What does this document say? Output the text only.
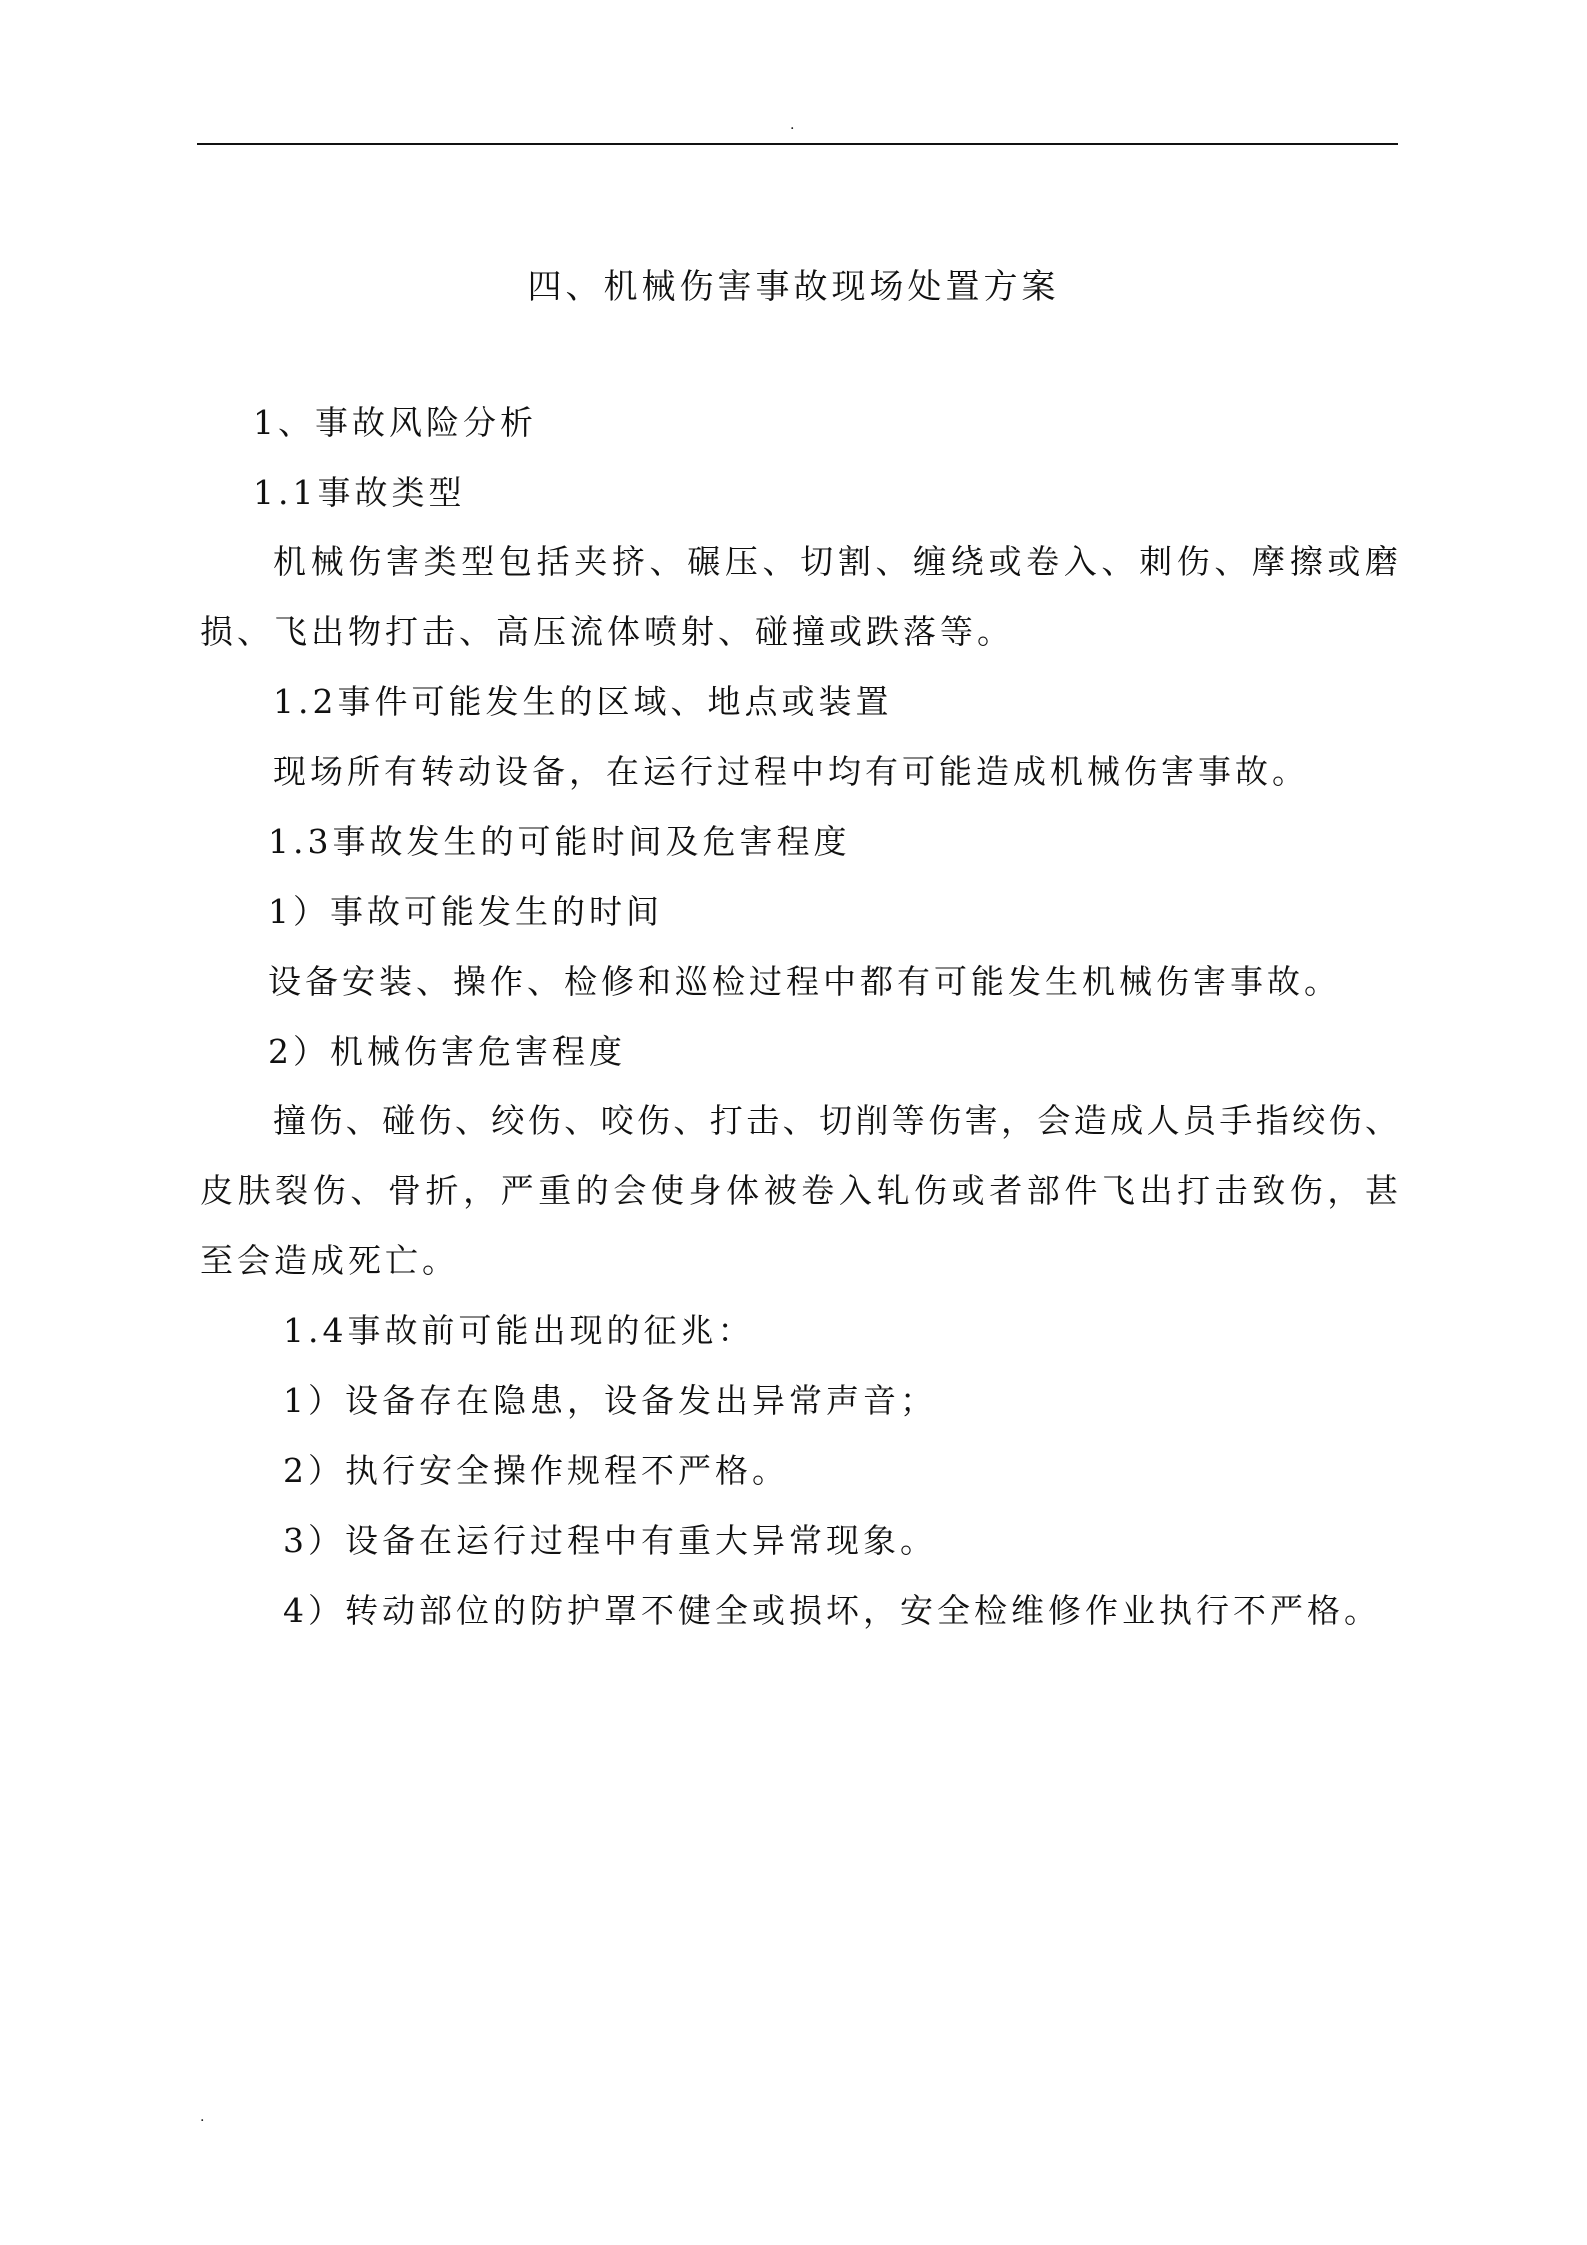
.
四、机械伤害事故现场处置方案
1、事故风险分析
1.1事故类型
机械伤害类型包括夹挤、碾压、切割、缠绕或卷入、刺伤、摩擦或磨
损、飞出物打击、高压流体喷射、碰撞或跌落等。
1.2事件可能发生的区域、地点或装置
现场所有转动设备，在运行过程中均有可能造成机械伤害事故。
1.3事故发生的可能时间及危害程度
1）事故可能发生的时间
设备安装、操作、检修和巡检过程中都有可能发生机械伤害事故。
2）机械伤害危害程度
撞伤、碰伤、绞伤、咬伤、打击、切削等伤害，会造成人员手指绞伤、
皮肤裂伤、骨折，严重的会使身体被卷入轧伤或者部件飞出打击致伤，甚
至会造成死亡。
1.4事故前可能出现的征兆：
1）设备存在隐患，设备发出异常声音；
2）执行安全操作规程不严格。
3）设备在运行过程中有重大异常现象。
4）转动部位的防护罩不健全或损坏，安全检维修作业执行不严格。
.
